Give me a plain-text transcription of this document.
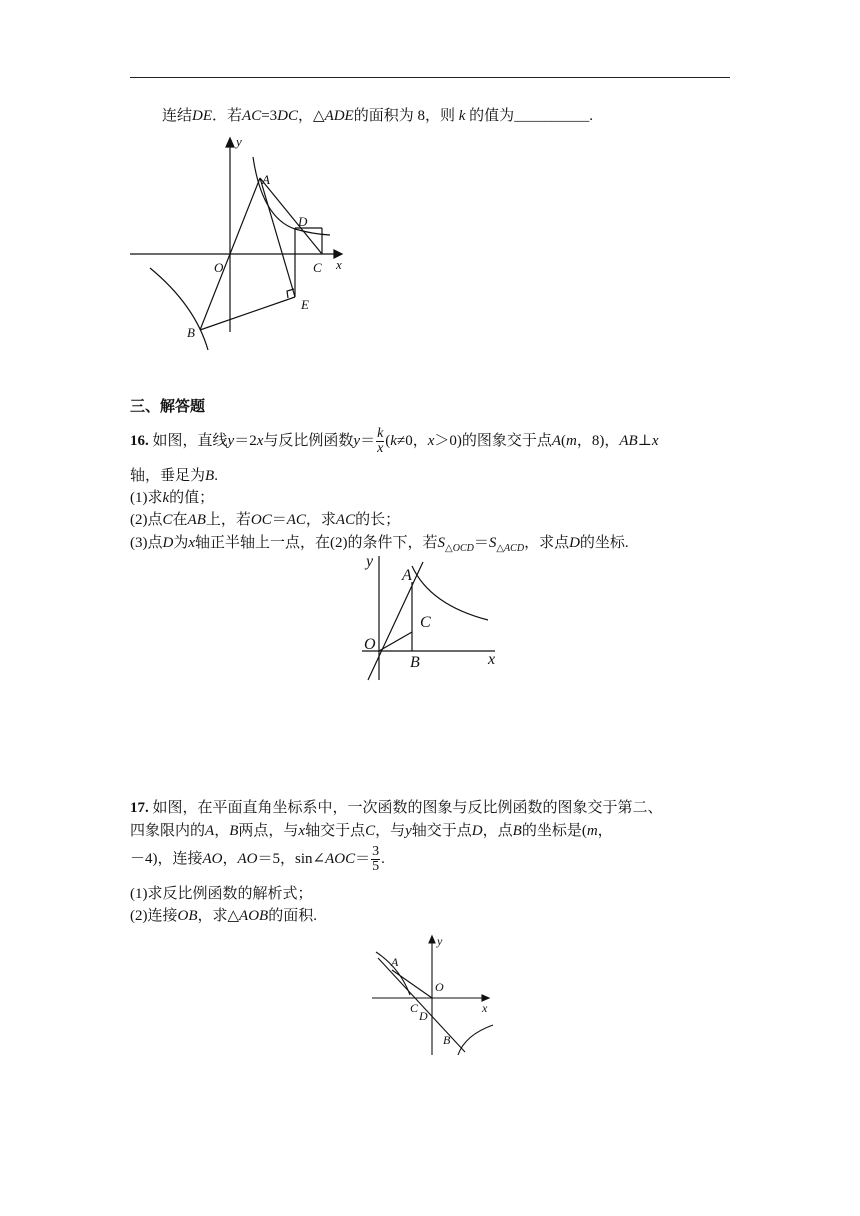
连结DE．若AC=3DC，△ADE的面积为 8，则 k 的值为__________.
y
A
D
O	C x
E
B
三、解答题
16. 如图，直线y＝2x与反比例函数$y= \frac{k}{x} (k\ne 0$，x＞0)的图象交于点A(m，8)，AB⊥x
轴，垂足为B.
(1)求k的值；
(2)点C在AB上，若OC＝AC，求AC的长；
(3)点D为x轴正半轴上一点，在(2)的条件下，若$S_{\triangle OCD}=S_{\triangle ACD}$，求点D的坐标.
y
A
C
O
B	x
17. 如图，在平面直角坐标系中，一次函数的图象与反比例函数的图象交于第二、
四象限内的A，B两点，与x轴交于点C，与y轴交于点D，点B的坐标是(m，
－4)，连接AO，AO＝5，sin∠AOC＝ $\frac{3}{5}$ .
(1)求反比例函数的解析式；
(2)连接OB，求△AOB的面积.
y
A
O
C
D
x
B
